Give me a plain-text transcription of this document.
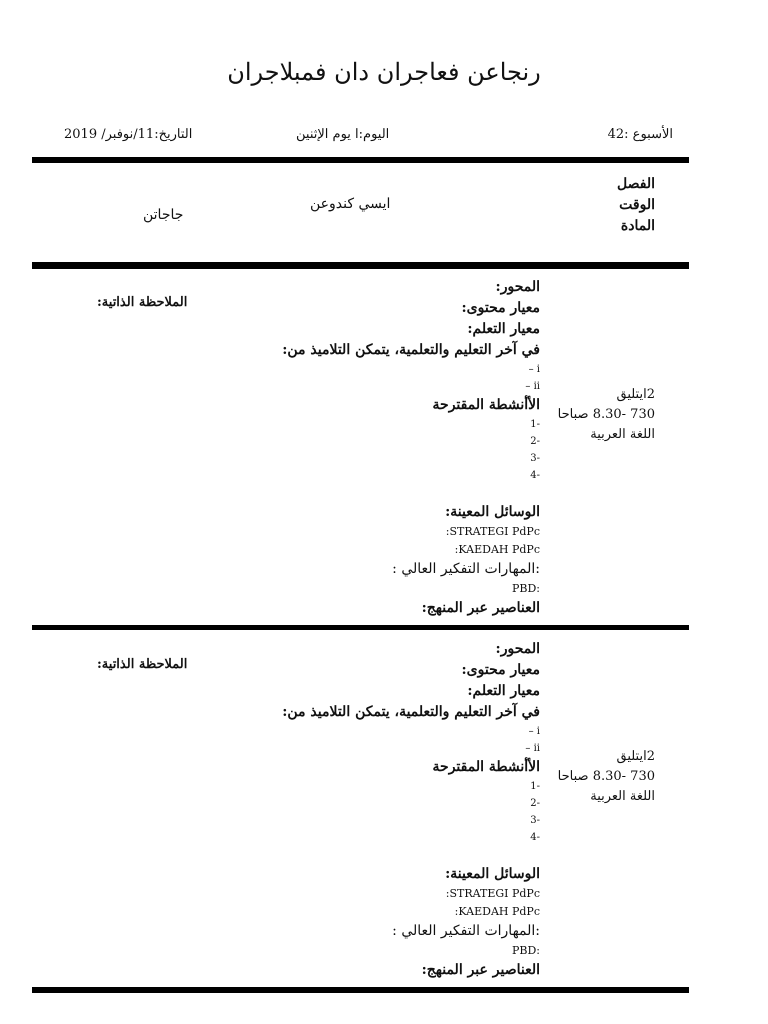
رنجاعن فعاجران دان فمبلاجران
الأسبوع :42
اليوم:ا يوم الإثنين
التاريخ:11/نوفبر/ 2019
الفصل
الوقت
المادة
ايسي كندوعن
جاجاتن
الملاحظة الذاتية:
2ايتليق
730 -8.30 صباحا
اللغة العربية
المحور:
معيار محتوى:
معيار التعلم:
في آخر التعليم والتعلمية، يتمكن التلاميذ من:
i –
ii –
الأأنشطة المقترحة
-1
-2
-3
-4
الوسائل المعينة:
STRATEGI PdPc:
KAEDAH PdPc:
:المهارات التفكير العالي :
:PBD
العناصير عبر المنهج:
الملاحظة الذاتية:
2ايتليق
730 -8.30 صباحا
اللغة العربية
المحور:
معيار محتوى:
معيار التعلم:
في آخر التعليم والتعلمية، يتمكن التلاميذ من:
i –
ii –
الأأنشطة المقترحة
-1
-2
-3
-4
الوسائل المعينة:
STRATEGI PdPc:
KAEDAH PdPc:
:المهارات التفكير العالي :
:PBD
العناصير عبر المنهج:
